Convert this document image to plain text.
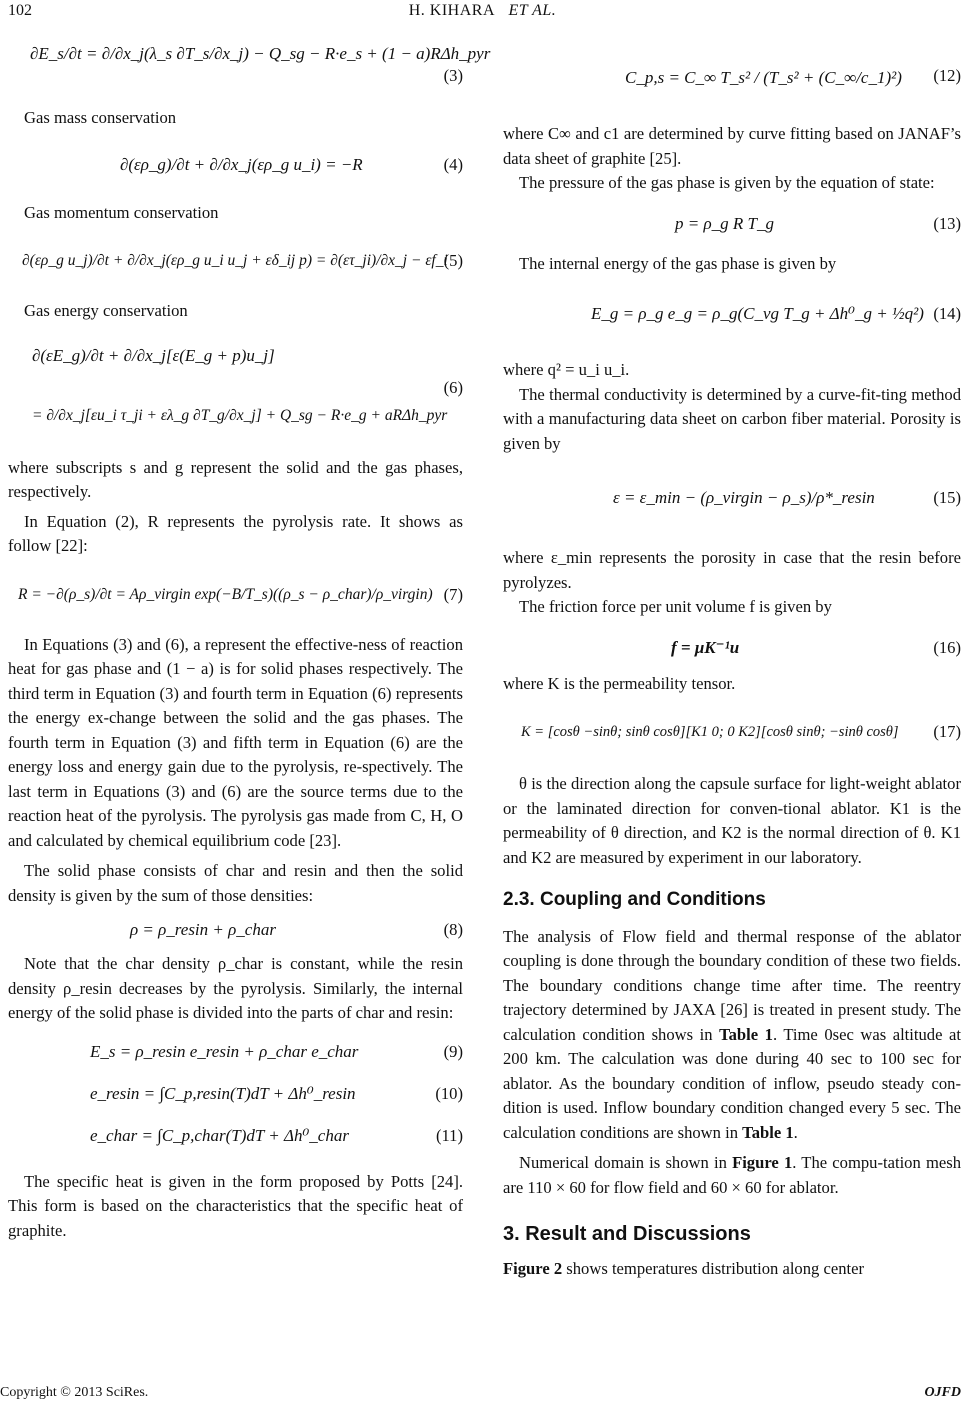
102	H. KIHARA ET AL.
∂E_s/∂t = ∂/∂x_j(λ_s ∂T_s/∂x_j) − Q_sg − R·e_s + (1 − a)RΔh_pyr
(3)

Gas mass conservation

∂(ερ_g)/∂t + ∂/∂x_j(ερ_g u_i) = −R	(4)

Gas momentum conservation

∂(ερ_g u_j)/∂t + ∂/∂x_j(ερ_g u_i u_j + εδ_ij p) = ∂(ετ_ji)/∂x_j − εf_i
(5)

Gas energy conservation

∂(εE_g)/∂t + ∂/∂x_j[ε(E_g + p)u_j]
= ∂/∂x_j[εu_i τ_ji + ελ_g ∂T_g/∂x_j] + Q_sg − R·e_g + aRΔh_pyr
(6)

where subscripts s and g represent the solid and the gas phases, respectively.

In Equation (2), R represents the pyrolysis rate. It shows as follow [22]:

R = −∂(ρ_s)/∂t = Aρ_virgin exp(−B/T_s)((ρ_s − ρ_char)/ρ_virgin) (7)

In Equations (3) and (6), a represent the effective-ness of reaction heat for gas phase and (1 − a) is for solid phases respectively. The third term in Equation (3) and fourth term in Equation (6) represents the energy ex-change between the solid and the gas phases. The fourth term in Equation (3) and fifth term in Equation (6) are the energy loss and energy gain due to the pyrolysis, re-spectively. The last term in Equations (3) and (6) are the source terms due to the reaction heat of the pyrolysis. The pyrolysis gas made from C, H, O and calculated by chemical equilibrium code [23].

The solid phase consists of char and resin and then the solid density is given by the sum of those densities:

ρ = ρ_resin + ρ_char	(8)

Note that the char density ρ_char is constant, while the resin density ρ_resin decreases by the pyrolysis. Similarly, the internal energy of the solid phase is divided into the parts of char and resin:

E_s = ρ_resin e_resin + ρ_char e_char	(9)
e_resin = ∫C_p,resin(T)dT + Δh⁰_resin	(10)
e_char = ∫C_p,char(T)dT + Δh⁰_char	(11)

The specific heat is given in the form proposed by Potts [24]. This form is based on the characteristics that the specific heat of graphite.

C_p,s = C_∞ T_s² / (T_s² + (C_∞/c_1)²) (12)

where C∞ and c1 are determined by curve fitting based on JANAF’s data sheet of graphite [25].

The pressure of the gas phase is given by the equation of state:

p = ρ_g R T_g	(13)

The internal energy of the gas phase is given by

E_g = ρ_g e_g = ρ_g(C_vg T_g + Δh⁰_g + ½q²) (14)

where q² = u_i u_i.

The thermal conductivity is determined by a curve-fit-ting method with a manufacturing data sheet on carbon fiber material. Porosity is given by

ε = ε_min − (ρ_virgin − ρ_s)/ρ*_resin	(15)

where ε_min represents the porosity in case that the resin before pyrolyzes.

The friction force per unit volume f is given by

f = μK⁻¹u	(16)

where K is the permeability tensor.

K = [cosθ −sinθ; sinθ cosθ][K1 0; 0 K2][cosθ sinθ; −sinθ cosθ] (17)

θ is the direction along the capsule surface for light-weight ablator or the laminated direction for conven-tional ablator. K1 is the permeability of θ direction, and K2 is the normal direction of θ. K1 and K2 are measured by experiment in our laboratory.

2.3. Coupling and Conditions

The analysis of Flow field and thermal response of the ablator coupling is done through the boundary condition of these two fields. The boundary conditions change time after time. The reentry trajectory determined by JAXA [26] is treated in present study. The calculation condition shows in Table 1. Time 0sec was altitude at 200 km. The calculation was done during 40 sec to 100 sec for ablator. As the boundary condition of inflow, pseudo steady con-dition is used. Inflow boundary condition changed every 5 sec. The calculation conditions are shown in Table 1.

Numerical domain is shown in Figure 1. The compu-tation mesh are 110 × 60 for flow field and 60 × 60 for ablator.

3. Result and Discussions

Figure 2 shows temperatures distribution along center

Copyright © 2013 SciRes.	OJFD
